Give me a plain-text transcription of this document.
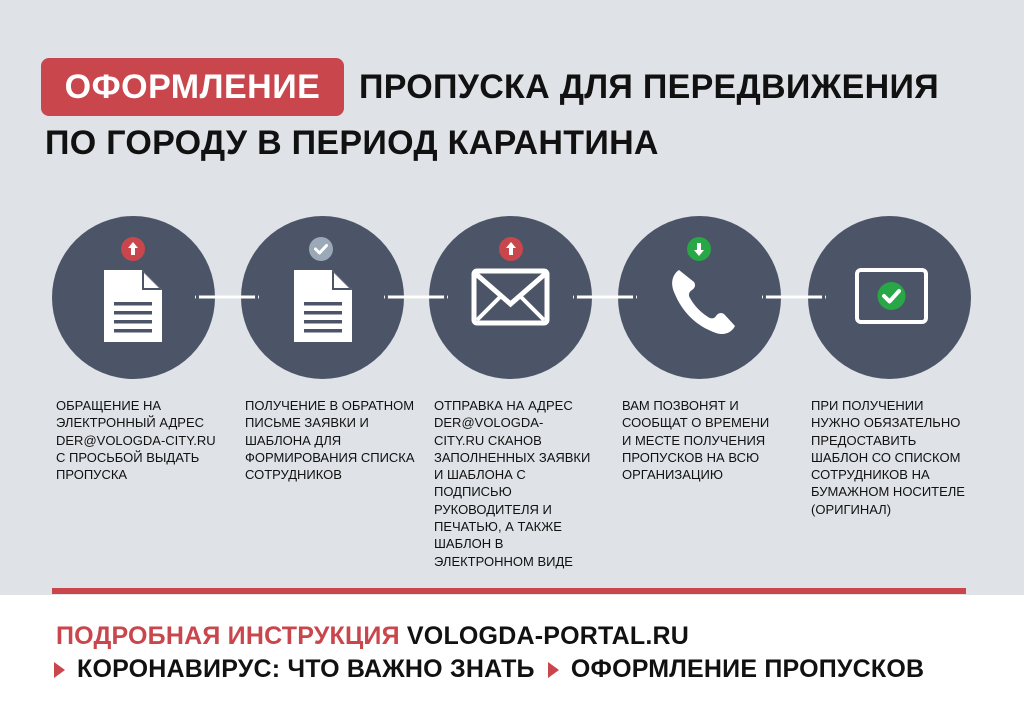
ОФОРМЛЕНИЕ	ПРОПУСКА ДЛЯ ПЕРЕДВИЖЕНИЯ
ПО ГОРОДУ В ПЕРИОД КАРАНТИНА
ОБРАЩЕНИЕ НА ЭЛЕКТРОННЫЙ АДРЕС DER@VOLOGDA-CITY.RU С ПРОСЬБОЙ ВЫДАТЬ ПРОПУСКА
ПОЛУЧЕНИЕ В ОБРАТНОМ ПИСЬМЕ ЗАЯВКИ И ШАБЛОНА ДЛЯ ФОРМИРОВАНИЯ СПИСКА СОТРУДНИКОВ
ОТПРАВКА НА АДРЕС DER@VOLOGDA-CITY.RU СКАНОВ ЗАПОЛНЕННЫХ ЗАЯВКИ И ШАБЛОНА С ПОДПИСЬЮ РУКОВОДИТЕЛЯ И ПЕЧАТЬЮ, А ТАКЖЕ ШАБЛОН В ЭЛЕКТРОННОМ ВИДЕ
ВАМ ПОЗВОНЯТ И СООБЩАТ О ВРЕМЕНИ И МЕСТЕ ПОЛУЧЕНИЯ ПРОПУСКОВ НА ВСЮ ОРГАНИЗАЦИЮ
ПРИ ПОЛУЧЕНИИ НУЖНО ОБЯЗАТЕЛЬНО ПРЕДОСТАВИТЬ ШАБЛОН СО СПИСКОМ СОТРУДНИКОВ НА БУМАЖНОМ НОСИТЕЛЕ (ОРИГИНАЛ)
ПОДРОБНАЯ ИНСТРУКЦИЯ VOLOGDA-PORTAL.RU
КОРОНАВИРУС: ЧТО ВАЖНО ЗНАТЬ ОФОРМЛЕНИЕ ПРОПУСКОВ
